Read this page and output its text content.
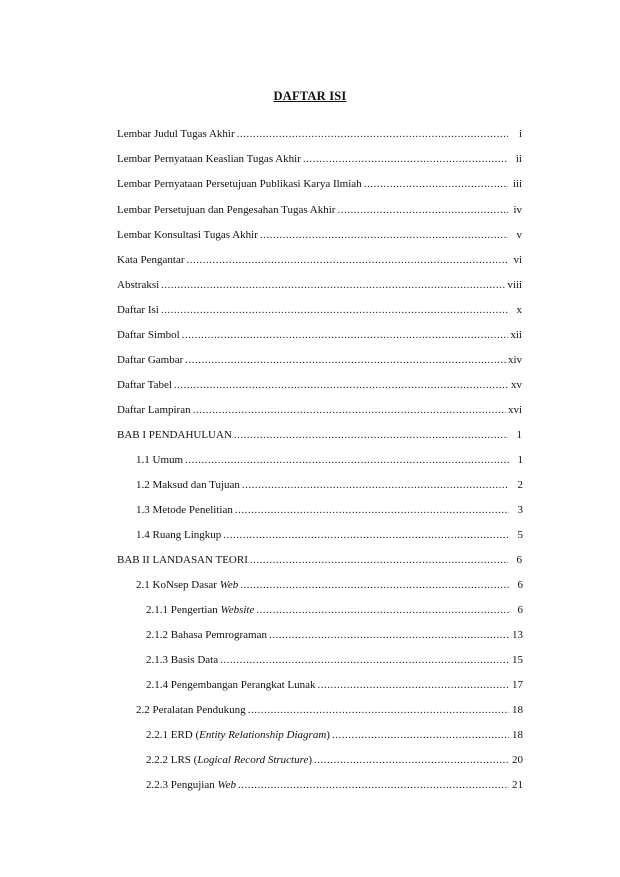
DAFTAR ISI
Lembar Judul Tugas Akhir .....	i
Lembar Pernyataan Keaslian Tugas Akhir .....	ii
Lembar Pernyataan Persetujuan Publikasi Karya Ilmiah .....	iii
Lembar Persetujuan dan Pengesahan Tugas Akhir .....	iv
Lembar Konsultasi Tugas Akhir .....	v
Kata Pengantar .....	vi
Abstraksi .....	viii
Daftar Isi .....	x
Daftar Simbol .....	xii
Daftar Gambar .....	xiv
Daftar Tabel .....	xv
Daftar Lampiran .....	xvi
BAB I PENDAHULUAN .....	1
1.1 Umum .....	1
1.2 Maksud dan Tujuan .....	2
1.3 Metode Penelitian .....	3
1.4 Ruang Lingkup .....	5
BAB II LANDASAN TEORI .....	6
2.1 KoNsep Dasar Web .....	6
2.1.1 Pengertian Website .....	6
2.1.2 Bahasa Pemrograman .....	13
2.1.3 Basis Data .....	15
2.1.4 Pengembangan Perangkat Lunak .....	17
2.2 Peralatan Pendukung .....	18
2.2.1 ERD (Entity Relationship Diagram) .....	18
2.2.2 LRS (Logical Record Structure) .....	20
2.2.3 Pengujian Web .....	21
